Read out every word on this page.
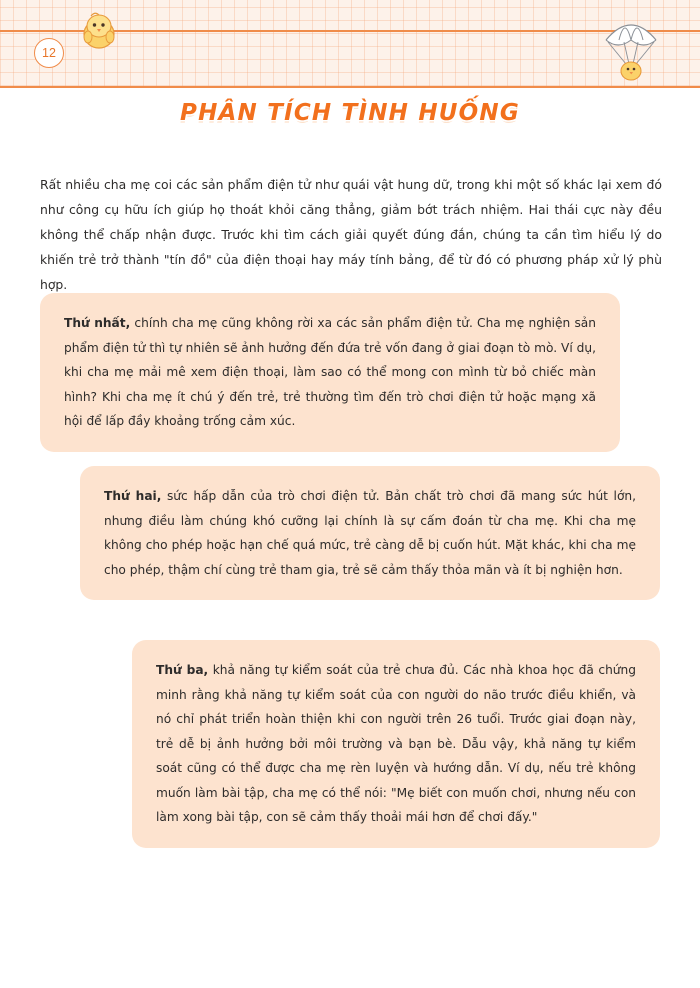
12
PHÂN TÍCH TÌNH HUỐNG
Rất nhiều cha mẹ coi các sản phẩm điện tử như quái vật hung dữ, trong khi một số khác lại xem đó như công cụ hữu ích giúp họ thoát khỏi căng thẳng, giảm bớt trách nhiệm. Hai thái cực này đều không thể chấp nhận được. Trước khi tìm cách giải quyết đúng đắn, chúng ta cần tìm hiểu lý do khiến trẻ trở thành "tín đồ" của điện thoại hay máy tính bảng, để từ đó có phương pháp xử lý phù hợp.
Thứ nhất, chính cha mẹ cũng không rời xa các sản phẩm điện tử. Cha mẹ nghiện sản phẩm điện tử thì tự nhiên sẽ ảnh hưởng đến đứa trẻ vốn đang ở giai đoạn tò mò. Ví dụ, khi cha mẹ mải mê xem điện thoại, làm sao có thể mong con mình từ bỏ chiếc màn hình? Khi cha mẹ ít chú ý đến trẻ, trẻ thường tìm đến trò chơi điện tử hoặc mạng xã hội để lấp đầy khoảng trống cảm xúc.
Thứ hai, sức hấp dẫn của trò chơi điện tử. Bản chất trò chơi đã mang sức hút lớn, nhưng điều làm chúng khó cưỡng lại chính là sự cấm đoán từ cha mẹ. Khi cha mẹ không cho phép hoặc hạn chế quá mức, trẻ càng dễ bị cuốn hút. Mặt khác, khi cha mẹ cho phép, thậm chí cùng trẻ tham gia, trẻ sẽ cảm thấy thỏa mãn và ít bị nghiện hơn.
Thứ ba, khả năng tự kiểm soát của trẻ chưa đủ. Các nhà khoa học đã chứng minh rằng khả năng tự kiểm soát của con người do não trước điều khiển, và nó chỉ phát triển hoàn thiện khi con người trên 26 tuổi. Trước giai đoạn này, trẻ dễ bị ảnh hưởng bởi môi trường và bạn bè. Dẫu vậy, khả năng tự kiểm soát cũng có thể được cha mẹ rèn luyện và hướng dẫn. Ví dụ, nếu trẻ không muốn làm bài tập, cha mẹ có thể nói: "Mẹ biết con muốn chơi, nhưng nếu con làm xong bài tập, con sẽ cảm thấy thoải mái hơn để chơi đấy."
